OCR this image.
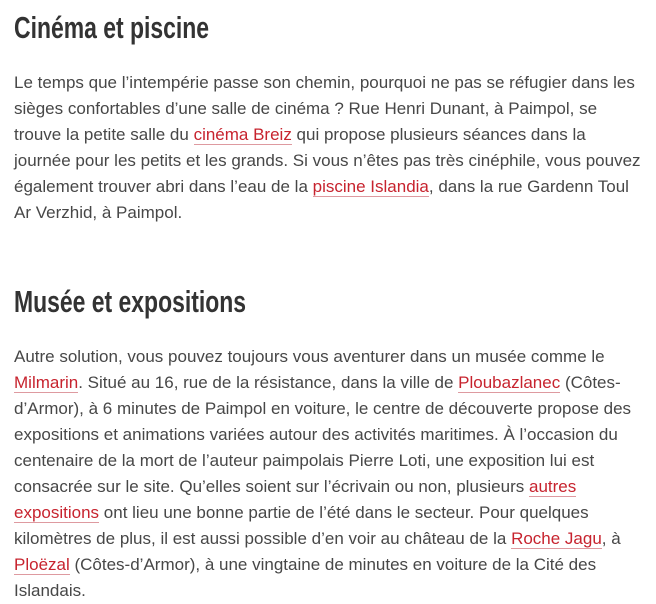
Cinéma et piscine

Le temps que l’intempérie passe son chemin, pourquoi ne pas se réfugier dans les sièges confortables d’une salle de cinéma ? Rue Henri Dunant, à Paimpol, se trouve la petite salle du cinéma Breiz qui propose plusieurs séances dans la journée pour les petits et les grands. Si vous n’êtes pas très cinéphile, vous pouvez également trouver abri dans l’eau de la piscine Islandia, dans la rue Gardenn Toul Ar Verzhid, à Paimpol.

Musée et expositions

Autre solution, vous pouvez toujours vous aventurer dans un musée comme le Milmarin. Situé au 16, rue de la résistance, dans la ville de Ploubazlanec (Côtes-d’Armor), à 6 minutes de Paimpol en voiture, le centre de découverte propose des expositions et animations variées autour des activités maritimes. À l’occasion du centenaire de la mort de l’auteur paimpolais Pierre Loti, une exposition lui est consacrée sur le site. Qu’elles soient sur l’écrivain ou non, plusieurs autres expositions ont lieu une bonne partie de l’été dans le secteur. Pour quelques kilomètres de plus, il est aussi possible d’en voir au château de la Roche Jagu, à Ploëzal (Côtes-d’Armor), à une vingtaine de minutes en voiture de la Cité des Islandais.
